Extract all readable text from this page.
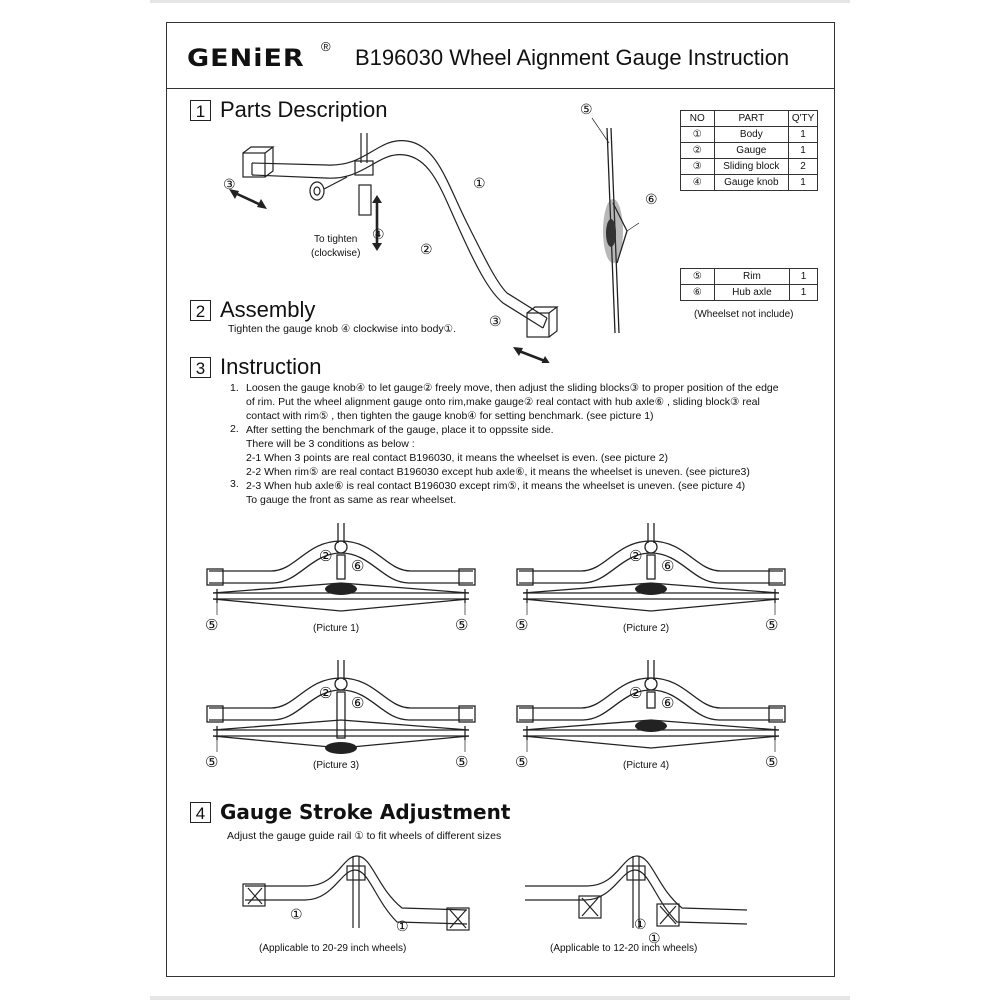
GENiER ® B196030 Wheel Aignment Gauge Instruction
1 Parts Description
③	①
④
②
③
To tighten
(clockwise)
⑤
⑥
NO	PART	Q'TY
①	Body	1
②	Gauge	1
③	Sliding block	2
④	Gauge knob	1
⑤	Rim	1
⑥	Hub axle	1
(Wheelset not include)
2 Assembly
Tighten the gauge knob ④ clockwise into body①.
3 Instruction
1.
2.
3.
Loosen the gauge knob④ to let gauge② freely move, then adjust the sliding blocks③ to proper position of the edge
of rim. Put the wheel alignment gauge onto rim,make gauge② real contact with hub axle⑥ , sliding block③ real
contact with rim⑤ , then tighten the gauge knob④ for setting benchmark. (see picture 1)
After setting the benchmark of the gauge, place it to oppssite side.
There will be 3 conditions as below :
2-1 When 3 points are real contact B196030, it means the wheelset is even. (see picture 2)
2-2 When rim⑤ are real contact B196030 except hub axle⑥, it means the wheelset is uneven. (see picture3)
2-3 When hub axle⑥ is real contact B196030 except rim⑤, it means the wheelset is uneven. (see picture 4)
To gauge the front as same as rear wheelset.
⑤	⑤
②
⑥
(Picture 1)	⑤	⑤
②
⑥
(Picture 2)
⑤	⑤
②
⑥
(Picture 3)	⑤	⑤
②
⑥
(Picture 4)
4 Gauge Stroke Adjustment
Adjust the gauge guide rail ① to fit wheels of different sizes
①
①
(Applicable to 20-29 inch wheels)
①
①
(Applicable to 12-20 inch wheels)
